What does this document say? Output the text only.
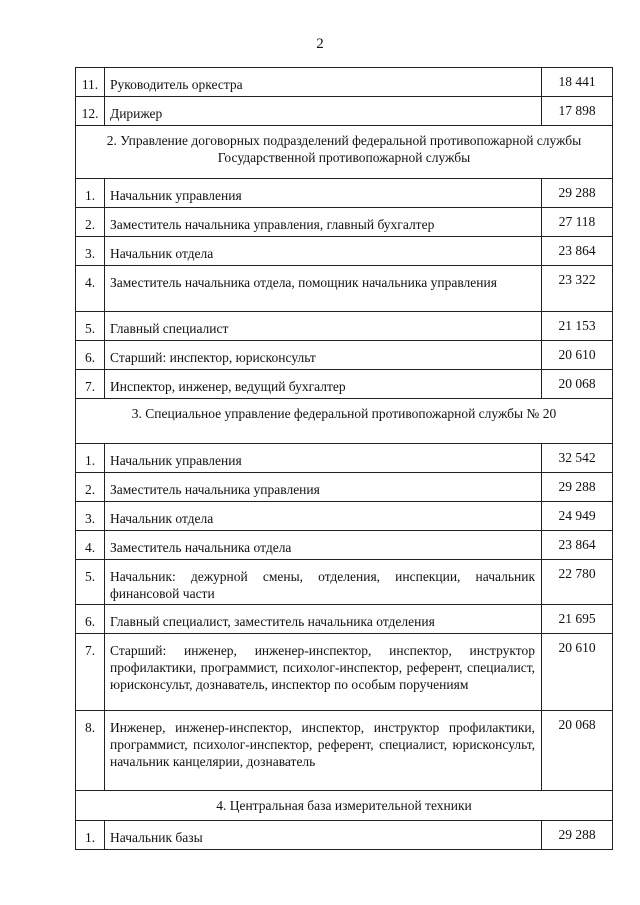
2
11.	Руководитель оркестра	18 441
12.	Дирижер	17 898
2. Управление договорных подразделений федеральной противопожарной службы Государственной противопожарной службы		
1.	Начальник управления	29 288
2.	Заместитель начальника управления, главный бухгалтер	27 118
3.	Начальник отдела	23 864
4.	Заместитель начальника отдела, помощник начальника управления	23 322
5.	Главный специалист	21 153
6.	Старший: инспектор, юрисконсульт	20 610
7.	Инспектор, инженер, ведущий бухгалтер	20 068
3. Специальное управление федеральной противопожарной службы № 20		
1.	Начальник управления	32 542
2.	Заместитель начальника управления	29 288
3.	Начальник отдела	24 949
4.	Заместитель начальника отдела	23 864
5.	Начальник: дежурной смены, отделения, инспекции, начальник финансовой части	22 780
6.	Главный специалист, заместитель начальника отделения	21 695
7.	Старший: инженер, инженер-инспектор, инспектор, инструктор профилактики, программист, психолог-инспектор, референт, специалист, юрисконсульт, дознаватель, инспектор по особым поручениям	20 610
8.	Инженер, инженер-инспектор, инспектор, инструктор профилактики, программист, психолог-инспектор, референт, специалист, юрисконсульт, начальник канцелярии, дознаватель	20 068
4. Центральная база измерительной техники		
1.	Начальник базы	29 288
